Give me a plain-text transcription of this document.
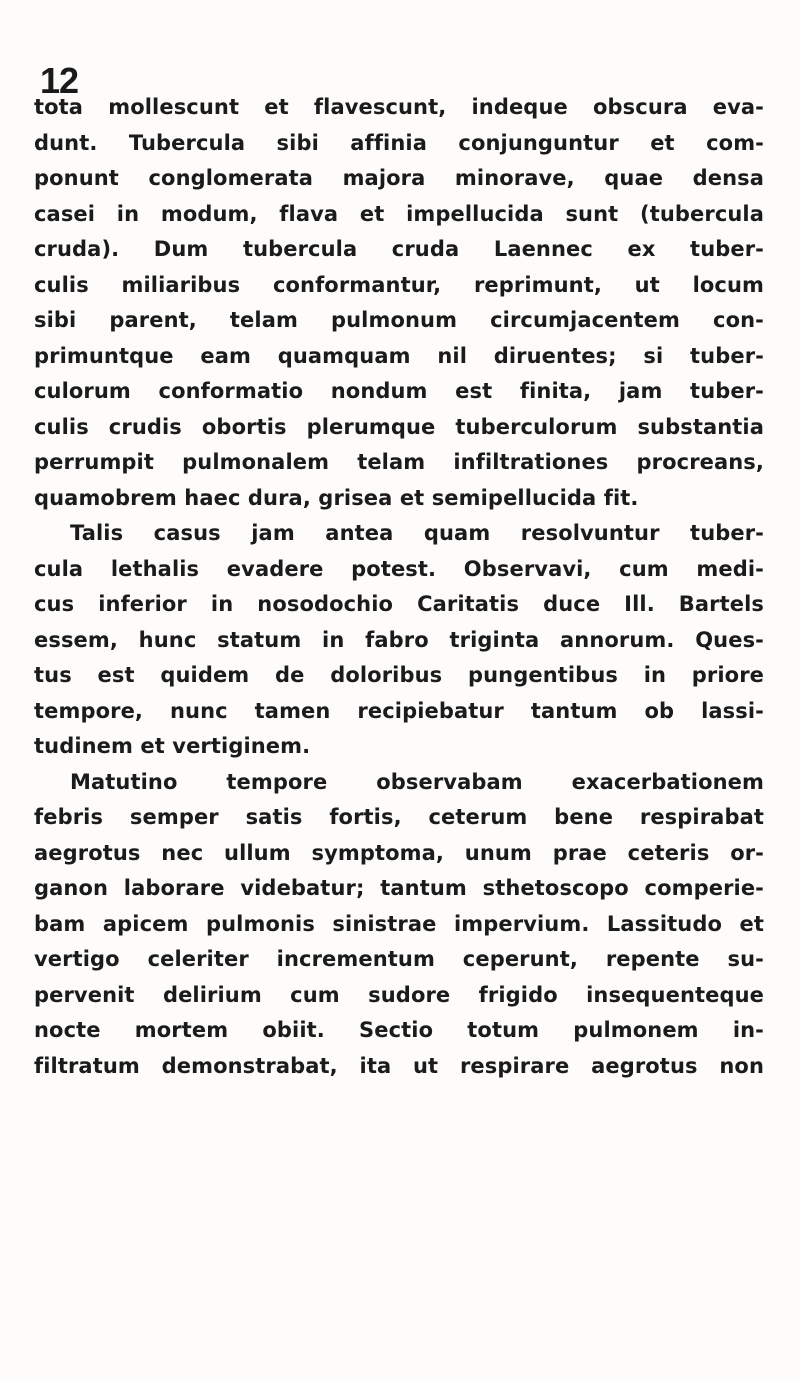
12
tota mollescunt et flavescunt, indeque obscura eva-
dunt. Tubercula sibi affinia conjunguntur et com-
ponunt conglomerata majora minorave, quae densa
casei in modum, flava et impellucida sunt (tubercula
cruda). Dum tubercula cruda Laennec ex tuber-
culis miliaribus conformantur, reprimunt, ut locum
sibi parent, telam pulmonum circumjacentem con-
primuntque eam quamquam nil diruentes; si tuber-
culorum conformatio nondum est finita, jam tuber-
culis crudis obortis plerumque tuberculorum substantia
perrumpit pulmonalem telam infiltrationes procreans,
quamobrem haec dura, grisea et semipellucida fit.
Talis casus jam antea quam resolvuntur tuber-
cula lethalis evadere potest. Observavi, cum medi-
cus inferior in nosodochio Caritatis duce Ill. Bartels
essem, hunc statum in fabro triginta annorum. Ques-
tus est quidem de doloribus pungentibus in priore
tempore, nunc tamen recipiebatur tantum ob lassi-
tudinem et vertiginem.
Matutino tempore observabam exacerbationem
febris semper satis fortis, ceterum bene respirabat
aegrotus nec ullum symptoma, unum prae ceteris or-
ganon laborare videbatur; tantum sthetoscopo comperie-
bam apicem pulmonis sinistrae impervium. Lassitudo et
vertigo celeriter incrementum ceperunt, repente su-
pervenit delirium cum sudore frigido insequenteque
nocte mortem obiit. Sectio totum pulmonem in-
filtratum demonstrabat, ita ut respirare aegrotus non
